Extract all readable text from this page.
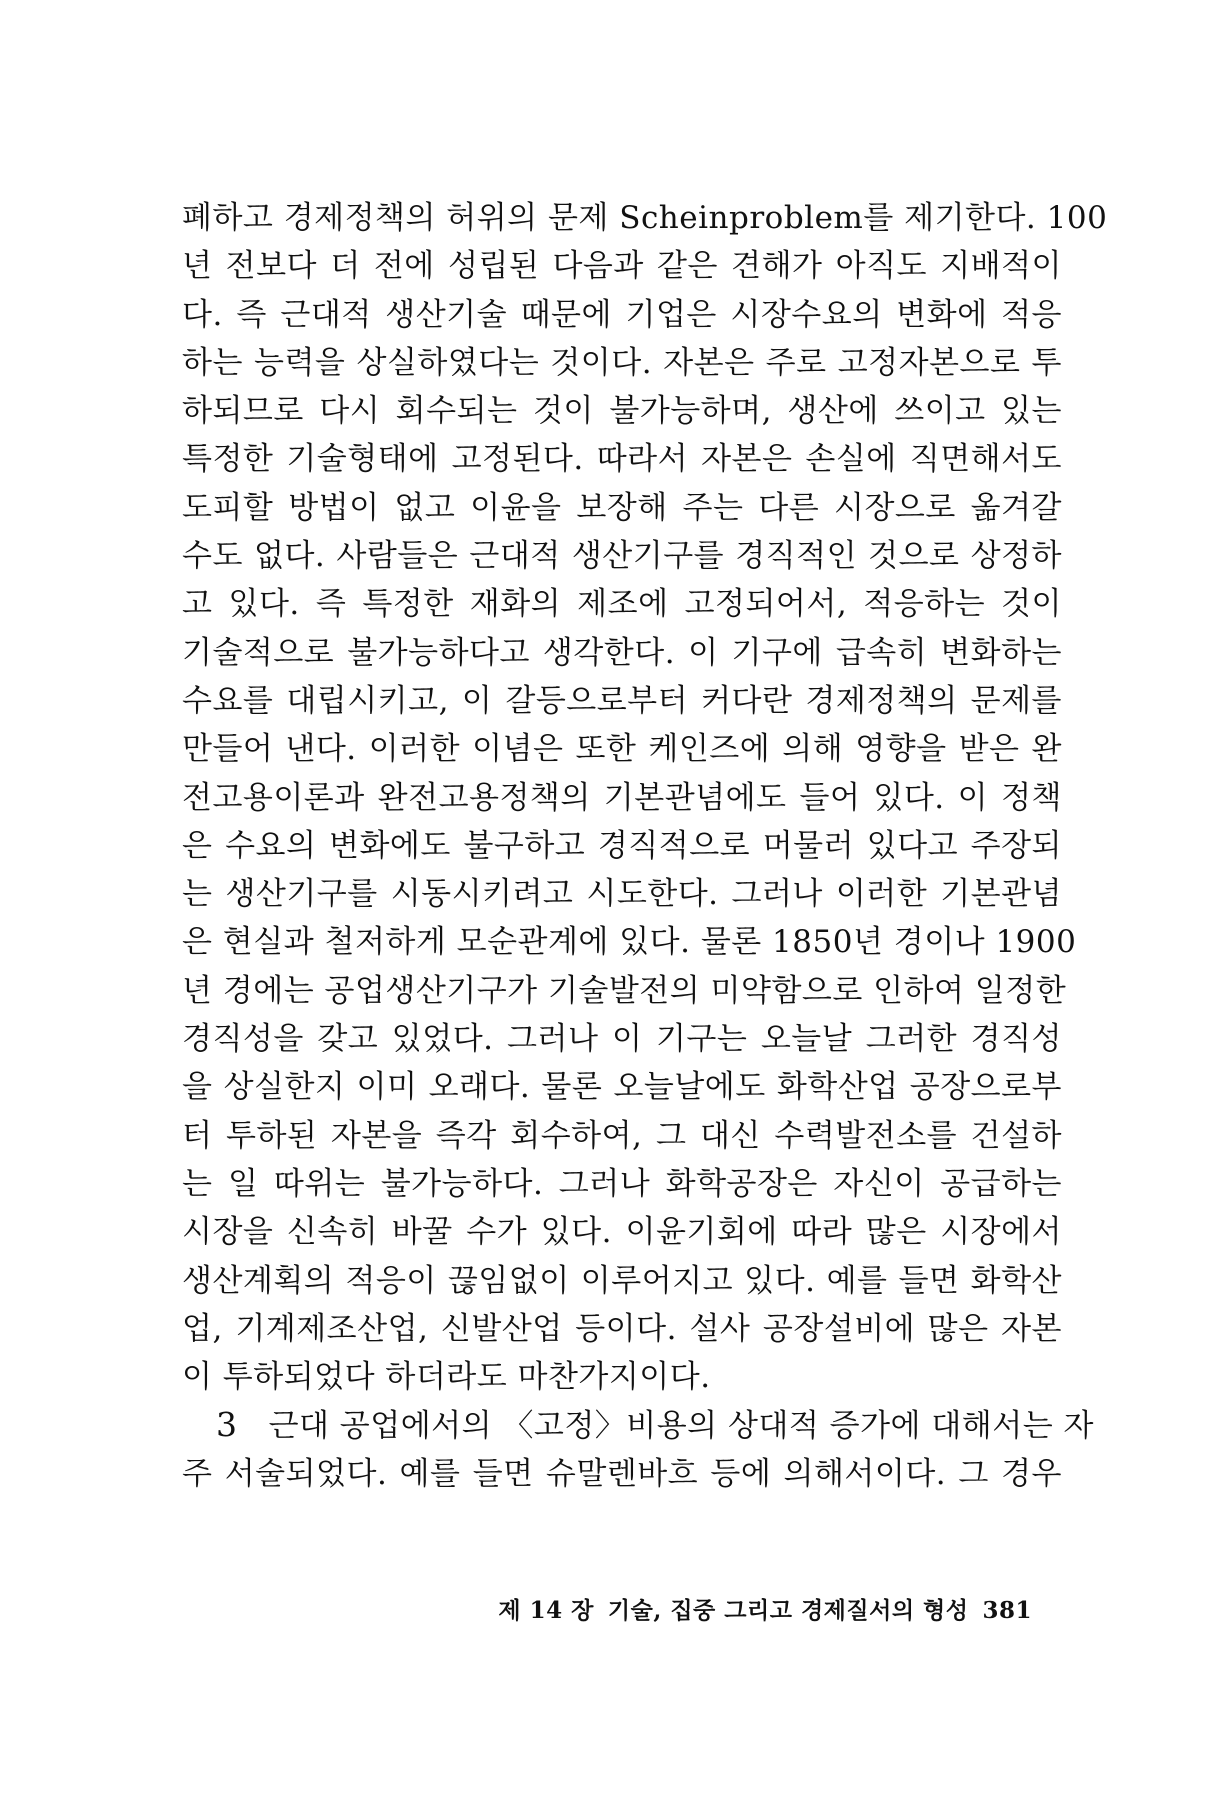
폐하고 경제정책의 허위의 문제 Scheinproblem를 제기한다. 100
년 전보다 더 전에 성립된 다음과 같은 견해가 아직도 지배적이
다. 즉 근대적 생산기술 때문에 기업은 시장수요의 변화에 적응
하는 능력을 상실하였다는 것이다. 자본은 주로 고정자본으로 투
하되므로 다시 회수되는 것이 불가능하며, 생산에 쓰이고 있는
특정한 기술형태에 고정된다. 따라서 자본은 손실에 직면해서도
도피할 방법이 없고 이윤을 보장해 주는 다른 시장으로 옮겨갈
수도 없다. 사람들은 근대적 생산기구를 경직적인 것으로 상정하
고 있다. 즉 특정한 재화의 제조에 고정되어서, 적응하는 것이
기술적으로 불가능하다고 생각한다. 이 기구에 급속히 변화하는
수요를 대립시키고, 이 갈등으로부터 커다란 경제정책의 문제를
만들어 낸다. 이러한 이념은 또한 케인즈에 의해 영향을 받은 완
전고용이론과 완전고용정책의 기본관념에도 들어 있다. 이 정책
은 수요의 변화에도 불구하고 경직적으로 머물러 있다고 주장되
는 생산기구를 시동시키려고 시도한다. 그러나 이러한 기본관념
은 현실과 철저하게 모순관계에 있다. 물론 1850년 경이나 1900
년 경에는 공업생산기구가 기술발전의 미약함으로 인하여 일정한
경직성을 갖고 있었다. 그러나 이 기구는 오늘날 그러한 경직성
을 상실한지 이미 오래다. 물론 오늘날에도 화학산업 공장으로부
터 투하된 자본을 즉각 회수하여, 그 대신 수력발전소를 건설하
는 일 따위는 불가능하다. 그러나 화학공장은 자신이 공급하는
시장을 신속히 바꿀 수가 있다. 이윤기회에 따라 많은 시장에서
생산계획의 적응이 끊임없이 이루어지고 있다. 예를 들면 화학산
업, 기계제조산업, 신발산업 등이다. 설사 공장설비에 많은 자본
이 투하되었다 하더라도 마찬가지이다.
3 근대 공업에서의 〈고정〉비용의 상대적 증가에 대해서는 자
주 서술되었다. 예를 들면 슈말렌바흐 등에 의해서이다. 그 경우
제 14 장 기술, 집중 그리고 경제질서의 형성 381
